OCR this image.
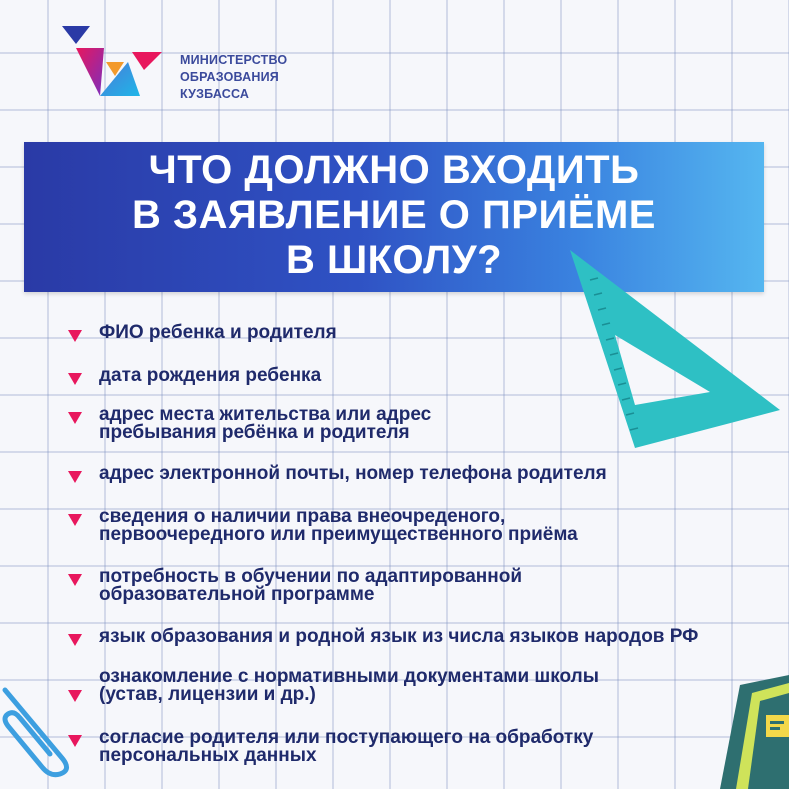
МИНИСТЕРСТВО
ОБРАЗОВАНИЯ
КУЗБАССА
ЧТО ДОЛЖНО ВХОДИТЬ
В ЗАЯВЛЕНИЕ О ПРИЁМЕ
В ШКОЛУ?
ФИО ребенка и родителя
дата рождения ребенка
адрес места жительства или адрес
пребывания ребёнка и родителя
адрес электронной почты, номер телефона родителя
сведения о наличии права внеочреденого,
первоочередного или преимущественного приёма
потребность в обучении по адаптированной
образовательной программе
язык образования и родной язык из числа языков народов РФ
ознакомление с нормативными документами школы
(устав, лицензии и др.)
согласие родителя или поступающего на обработку
персональных данных
